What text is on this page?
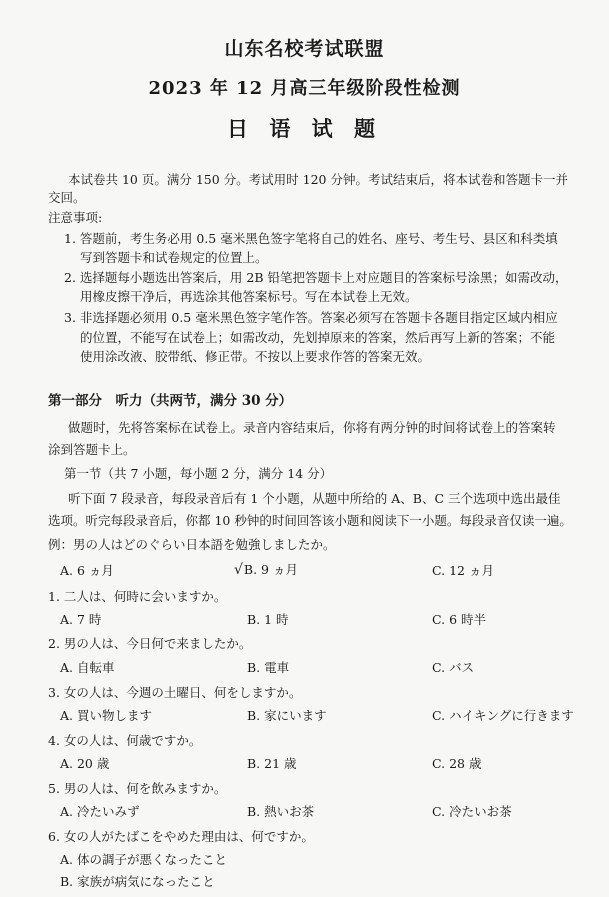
山东名校考试联盟
2023 年 12 月高三年级阶段性检测
日 语 试 题
本试卷共 10 页。满分 150 分。考试用时 120 分钟。考试结束后，将本试卷和答题卡一并
交回。
注意事项:
1. 答题前，考生务必用 0.5 毫米黑色签字笔将自己的姓名、座号、考生号、县区和科类填
写到答题卡和试卷规定的位置上。
2. 选择题每小题选出答案后，用 2B 铅笔把答题卡上对应题目的答案标号涂黑；如需改动，
用橡皮擦干净后，再选涂其他答案标号。写在本试卷上无效。
3. 非选择题必须用 0.5 毫米黑色签字笔作答。答案必须写在答题卡各题目指定区域内相应
的位置，不能写在试卷上；如需改动，先划掉原来的答案，然后再写上新的答案；不能
使用涂改液、胶带纸、修正带。不按以上要求作答的答案无效。
第一部分　听力（共两节，满分 30 分）
做题时，先将答案标在试卷上。录音内容结束后，你将有两分钟的时间将试卷上的答案转
涂到答题卡上。
第一节（共 7 小题，每小题 2 分，满分 14 分）
听下面 7 段录音，每段录音后有 1 个小题，从题中所给的 A、B、C 三个选项中选出最佳
选项。听完每段录音后，你都 10 秒钟的时间回答该小题和阅读下一小题。每段录音仅读一遍。
例：男の人はどのぐらい日本語を勉強しましたか。
A. 6 ヵ月	√B. 9 ヵ月	C. 12 ヵ月
1. 二人は、何時に会いますか。
A. 7 時	B. 1 時	C. 6 時半
2. 男の人は、今日何で来ましたか。
A. 自転車	B. 電車	C. バス
3. 女の人は、今週の土曜日、何をしますか。
A. 買い物します	B. 家にいます	C. ハイキングに行きます
4. 女の人は、何歳ですか。
A. 20 歳	B. 21 歳	C. 28 歳
5. 男の人は、何を飲みますか。
A. 冷たいみず	B. 熱いお茶	C. 冷たいお茶
6. 女の人がたばこをやめた理由は、何ですか。
A. 体の調子が悪くなったこと
B. 家族が病気になったこと
